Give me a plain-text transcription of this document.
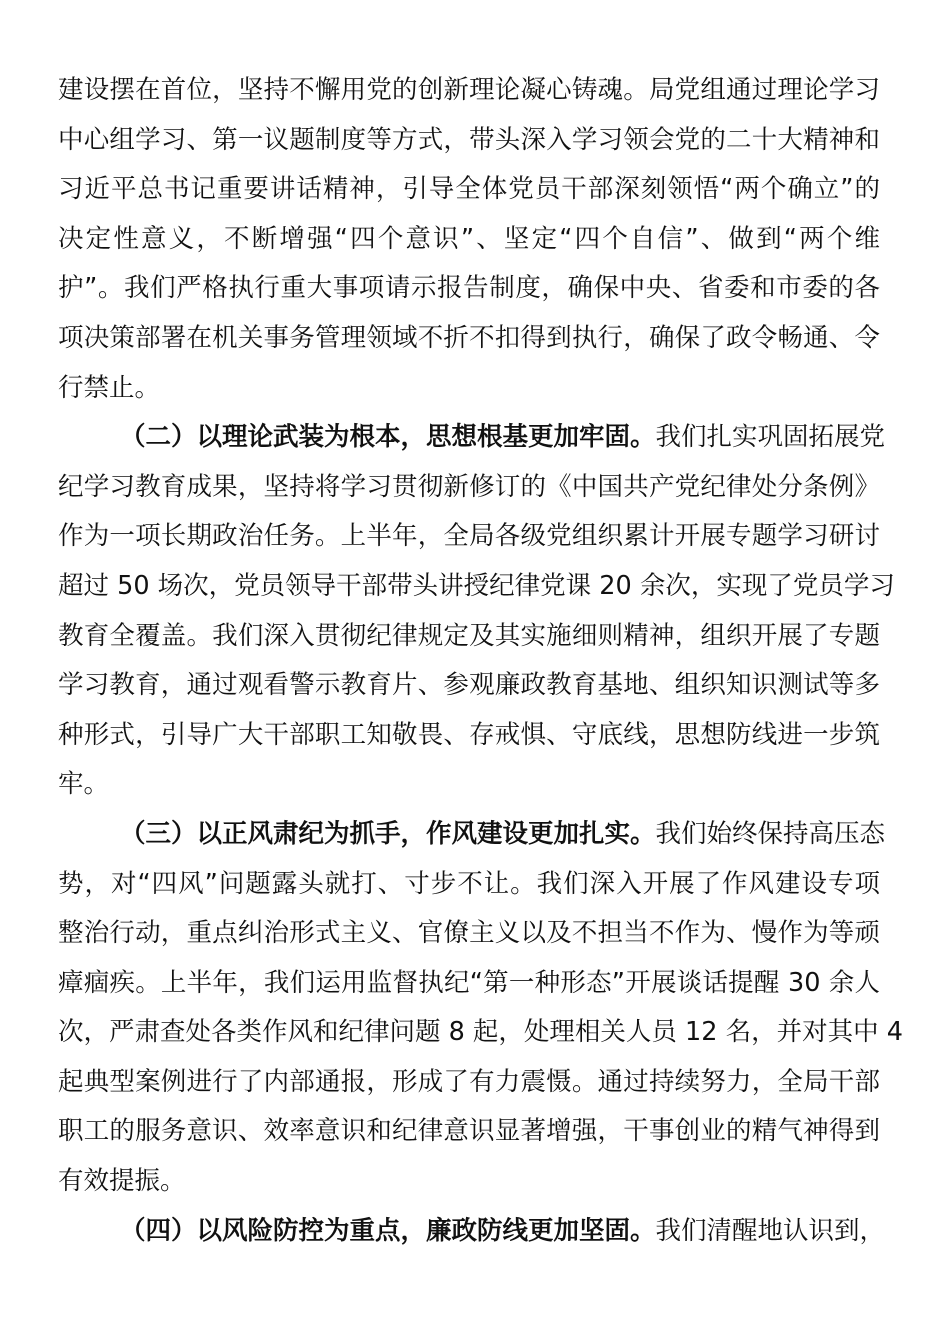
建设摆在首位，坚持不懈用党的创新理论凝心铸魂。局党组通过理论学习
中心组学习、第一议题制度等方式，带头深入学习领会党的二十大精神和
习近平总书记重要讲话精神，引导全体党员干部深刻领悟“两个确立”的
决定性意义，不断增强“四个意识”、坚定“四个自信”、做到“两个维
护”。我们严格执行重大事项请示报告制度，确保中央、省委和市委的各
项决策部署在机关事务管理领域不折不扣得到执行，确保了政令畅通、令
行禁止。
（二）以理论武装为根本，思想根基更加牢固。我们扎实巩固拓展党
纪学习教育成果，坚持将学习贯彻新修订的《中国共产党纪律处分条例》
作为一项长期政治任务。上半年，全局各级党组织累计开展专题学习研讨
超过 50 场次，党员领导干部带头讲授纪律党课 20 余次，实现了党员学习
教育全覆盖。我们深入贯彻纪律规定及其实施细则精神，组织开展了专题
学习教育，通过观看警示教育片、参观廉政教育基地、组织知识测试等多
种形式，引导广大干部职工知敬畏、存戒惧、守底线，思想防线进一步筑
牢。
（三）以正风肃纪为抓手，作风建设更加扎实。我们始终保持高压态
势，对“四风”问题露头就打、寸步不让。我们深入开展了作风建设专项
整治行动，重点纠治形式主义、官僚主义以及不担当不作为、慢作为等顽
瘴痼疾。上半年，我们运用监督执纪“第一种形态”开展谈话提醒 30 余人
次，严肃查处各类作风和纪律问题 8 起，处理相关人员 12 名，并对其中 4
起典型案例进行了内部通报，形成了有力震慑。通过持续努力，全局干部
职工的服务意识、效率意识和纪律意识显著增强，干事创业的精气神得到
有效提振。
（四）以风险防控为重点，廉政防线更加坚固。我们清醒地认识到，
